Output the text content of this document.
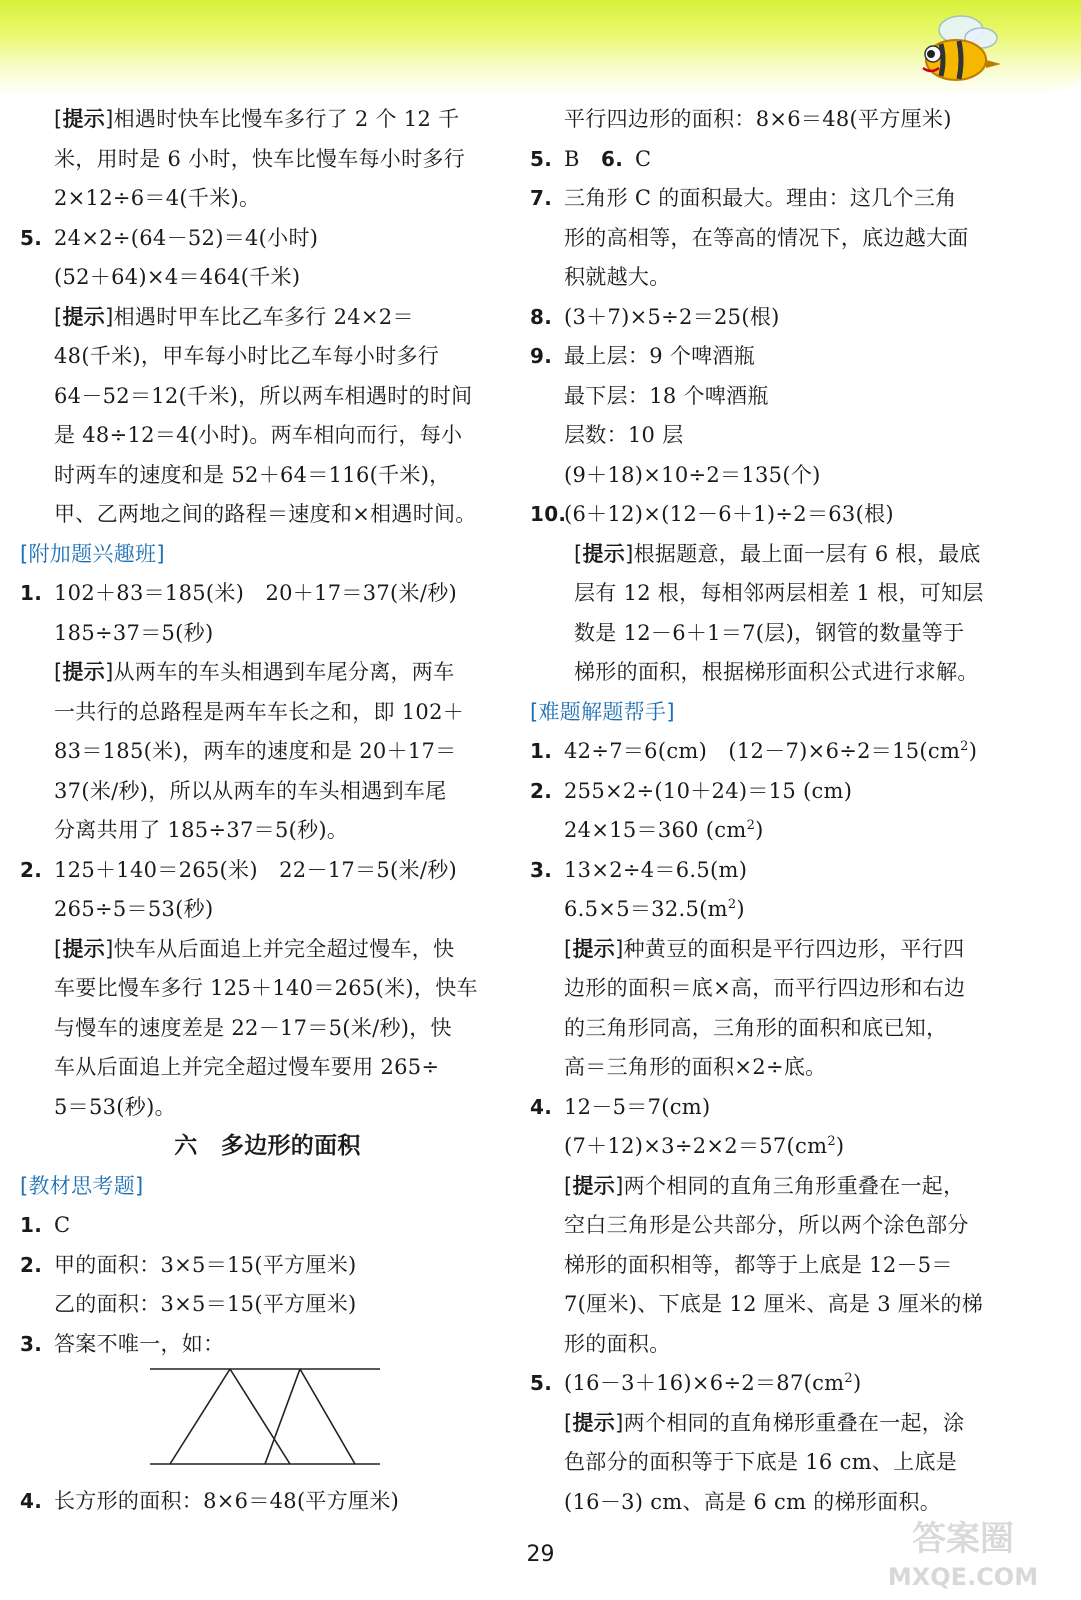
[提示]相遇时快车比慢车多行了 2 个 12 千
米，用时是 6 小时，快车比慢车每小时多行
2×12÷6＝4(千米)。
5. 24×2÷(64－52)＝4(小时)
(52＋64)×4＝464(千米)
[提示]相遇时甲车比乙车多行 24×2＝
48(千米)，甲车每小时比乙车每小时多行
64－52＝12(千米)，所以两车相遇时的时间
是 48÷12＝4(小时)。两车相向而行，每小
时两车的速度和是 52＋64＝116(千米)，
甲、乙两地之间的路程＝速度和×相遇时间。
[附加题兴趣班]
1. 102＋83＝185(米)　20＋17＝37(米/秒)
185÷37＝5(秒)
[提示]从两车的车头相遇到车尾分离，两车
一共行的总路程是两车车长之和，即 102＋
83＝185(米)，两车的速度和是 20＋17＝
37(米/秒)，所以从两车的车头相遇到车尾
分离共用了 185÷37＝5(秒)。
2. 125＋140＝265(米)　22－17＝5(米/秒)
265÷5＝53(秒)
[提示]快车从后面追上并完全超过慢车，快
车要比慢车多行 125＋140＝265(米)，快车
与慢车的速度差是 22－17＝5(米/秒)，快
车从后面追上并完全超过慢车要用 265÷
5＝53(秒)。
六　多边形的面积
[教材思考题]
1. C
2. 甲的面积：3×5＝15(平方厘米)
乙的面积：3×5＝15(平方厘米)
3. 答案不唯一，如：
4. 长方形的面积：8×6＝48(平方厘米)
平行四边形的面积：8×6＝48(平方厘米)
5. B　 6. C
7. 三角形 C 的面积最大。理由：这几个三角
形的高相等，在等高的情况下，底边越大面
积就越大。
8. (3＋7)×5÷2＝25(根)
9. 最上层：9 个啤酒瓶
最下层：18 个啤酒瓶
层数：10 层
(9＋18)×10÷2＝135(个)
10.(6＋12)×(12－6＋1)÷2＝63(根)
[提示]根据题意，最上面一层有 6 根，最底
层有 12 根，每相邻两层相差 1 根，可知层
数是 12－6＋1＝7(层)，钢管的数量等于
梯形的面积，根据梯形面积公式进行求解。
[难题解题帮手]
1. 42÷7＝6(cm)　$(12-7)\times 6\div 2=15(cm^2)$
2. 255×2÷(10＋24)＝15 (cm)
24×15＝360 $(cm^2)$
3. 13×2÷4＝6.5(m)
$6.5\times 5=32.5(m^2)$
[提示]种黄豆的面积是平行四边形，平行四
边形的面积＝底×高，而平行四边形和右边
的三角形同高，三角形的面积和底已知，
高＝三角形的面积×2÷底。
4. 12－5＝7(cm)
$(7+12)\times 3\div 2\times 2=57(cm^2)$
[提示]两个相同的直角三角形重叠在一起，
空白三角形是公共部分，所以两个涂色部分
梯形的面积相等，都等于上底是 12－5＝
7(厘米)、下底是 12 厘米、高是 3 厘米的梯
形的面积。
5. $(16-3+16)\times 6\div 2=87(cm^2)$
[提示]两个相同的直角梯形重叠在一起，涂
色部分的面积等于下底是 16 cm、上底是
(16－3) cm、高是 6 cm 的梯形面积。
29	答案圈
MXQE.COM
